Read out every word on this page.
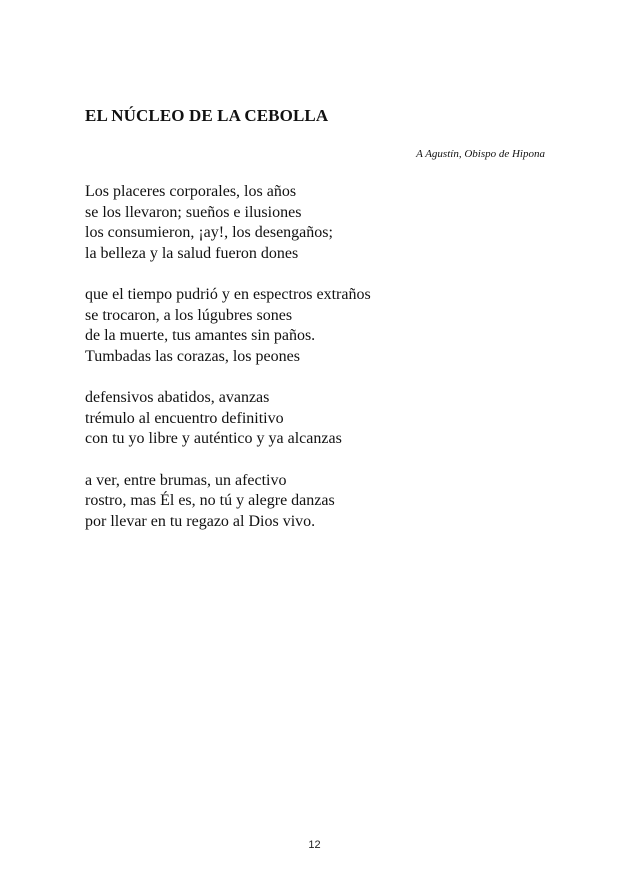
EL NÚCLEO DE LA CEBOLLA
A Agustín, Obispo de Hipona

Los placeres corporales, los años
se los llevaron; sueños e ilusiones
los consumieron, ¡ay!, los desengaños;
la belleza y la salud fueron dones

que el tiempo pudrió y en espectros extraños
se trocaron, a los lúgubres sones
de la muerte, tus amantes sin paños.
Tumbadas las corazas, los peones

defensivos abatidos, avanzas
trémulo al encuentro definitivo
con tu yo libre y auténtico y ya alcanzas

a ver, entre brumas, un afectivo
rostro, mas Él es, no tú y alegre danzas
por llevar en tu regazo al Dios vivo.

12
